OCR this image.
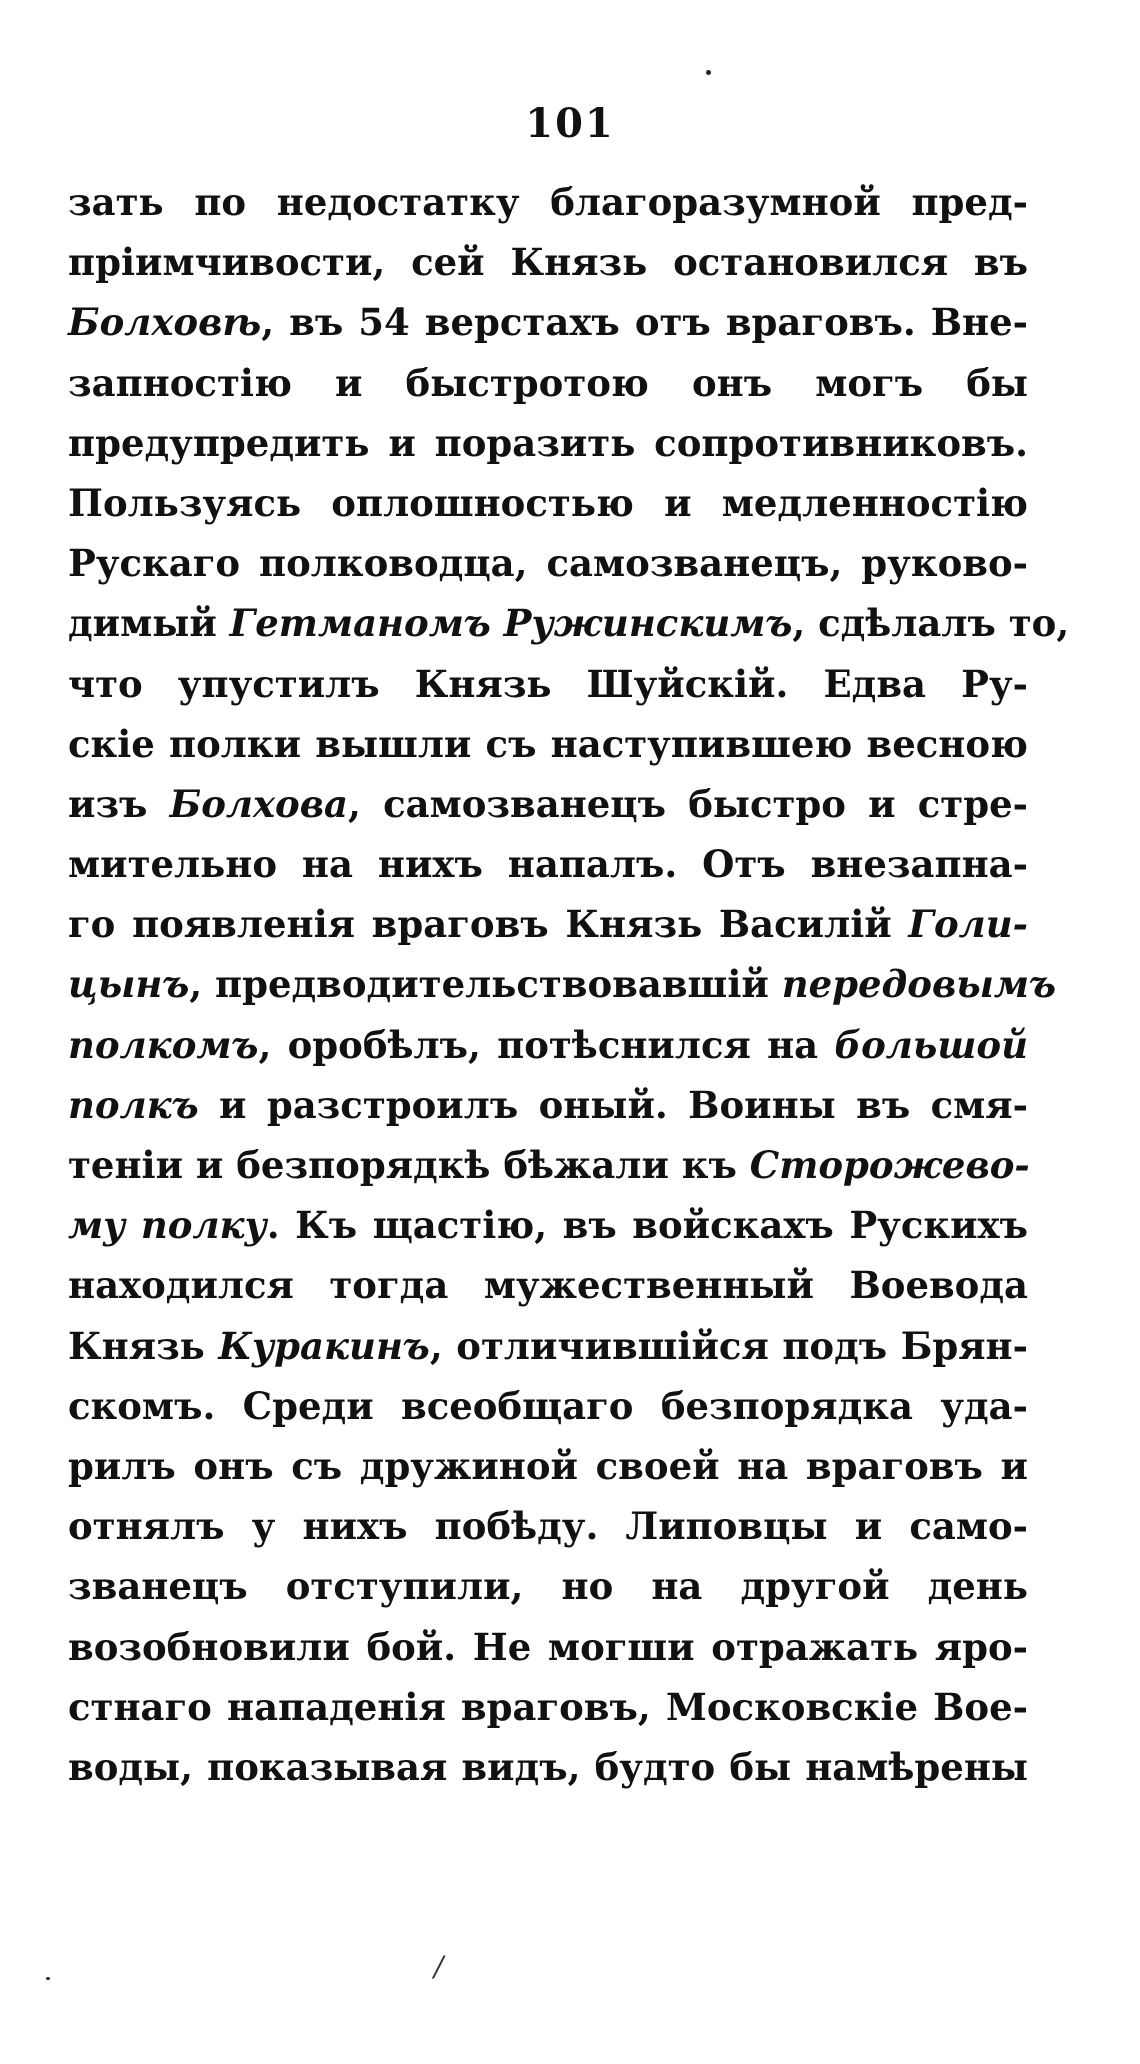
101
зать по недостатку благоразумной пред-
пріимчивости, сей Князь остановился въ
Болховѣ, въ 54 верстахъ отъ враговъ. Вне-
запностію и быстротою онъ могъ бы
предупредить и поразить сопротивниковъ.
Пользуясь оплошностью и медленностію
Рускаго полководца, самозванецъ, руково-
димый Гетманомъ Ружинскимъ, сдѣлалъ то,
что упустилъ Князь Шуйскій. Едва Ру-
скіе полки вышли съ наступившею весною
изъ Болхова, самозванецъ быстро и стре-
мительно на нихъ напалъ. Отъ внезапна-
го появленія враговъ Князь Василій Голи-
цынъ, предводительствовавшій передовымъ
полкомъ, оробѣлъ, потѣснился на большой
полкъ и разстроилъ оный. Воины въ смя-
теніи и безпорядкѣ бѣжали къ Сторожево-
му полку. Къ щастію, въ войскахъ Рускихъ
находился тогда мужественный Воевода
Князь Куракинъ, отличившійся подъ Брян-
скомъ. Среди всеобщаго безпорядка уда-
рилъ онъ съ дружиной своей на враговъ и
отнялъ у нихъ побѣду. Липовцы и само-
званецъ отступили, но на другой день
возобновили бой. Не могши отражать яро-
стнаго нападенія враговъ, Московскіе Вое-
воды, показывая видъ, будто бы намѣрены
/
